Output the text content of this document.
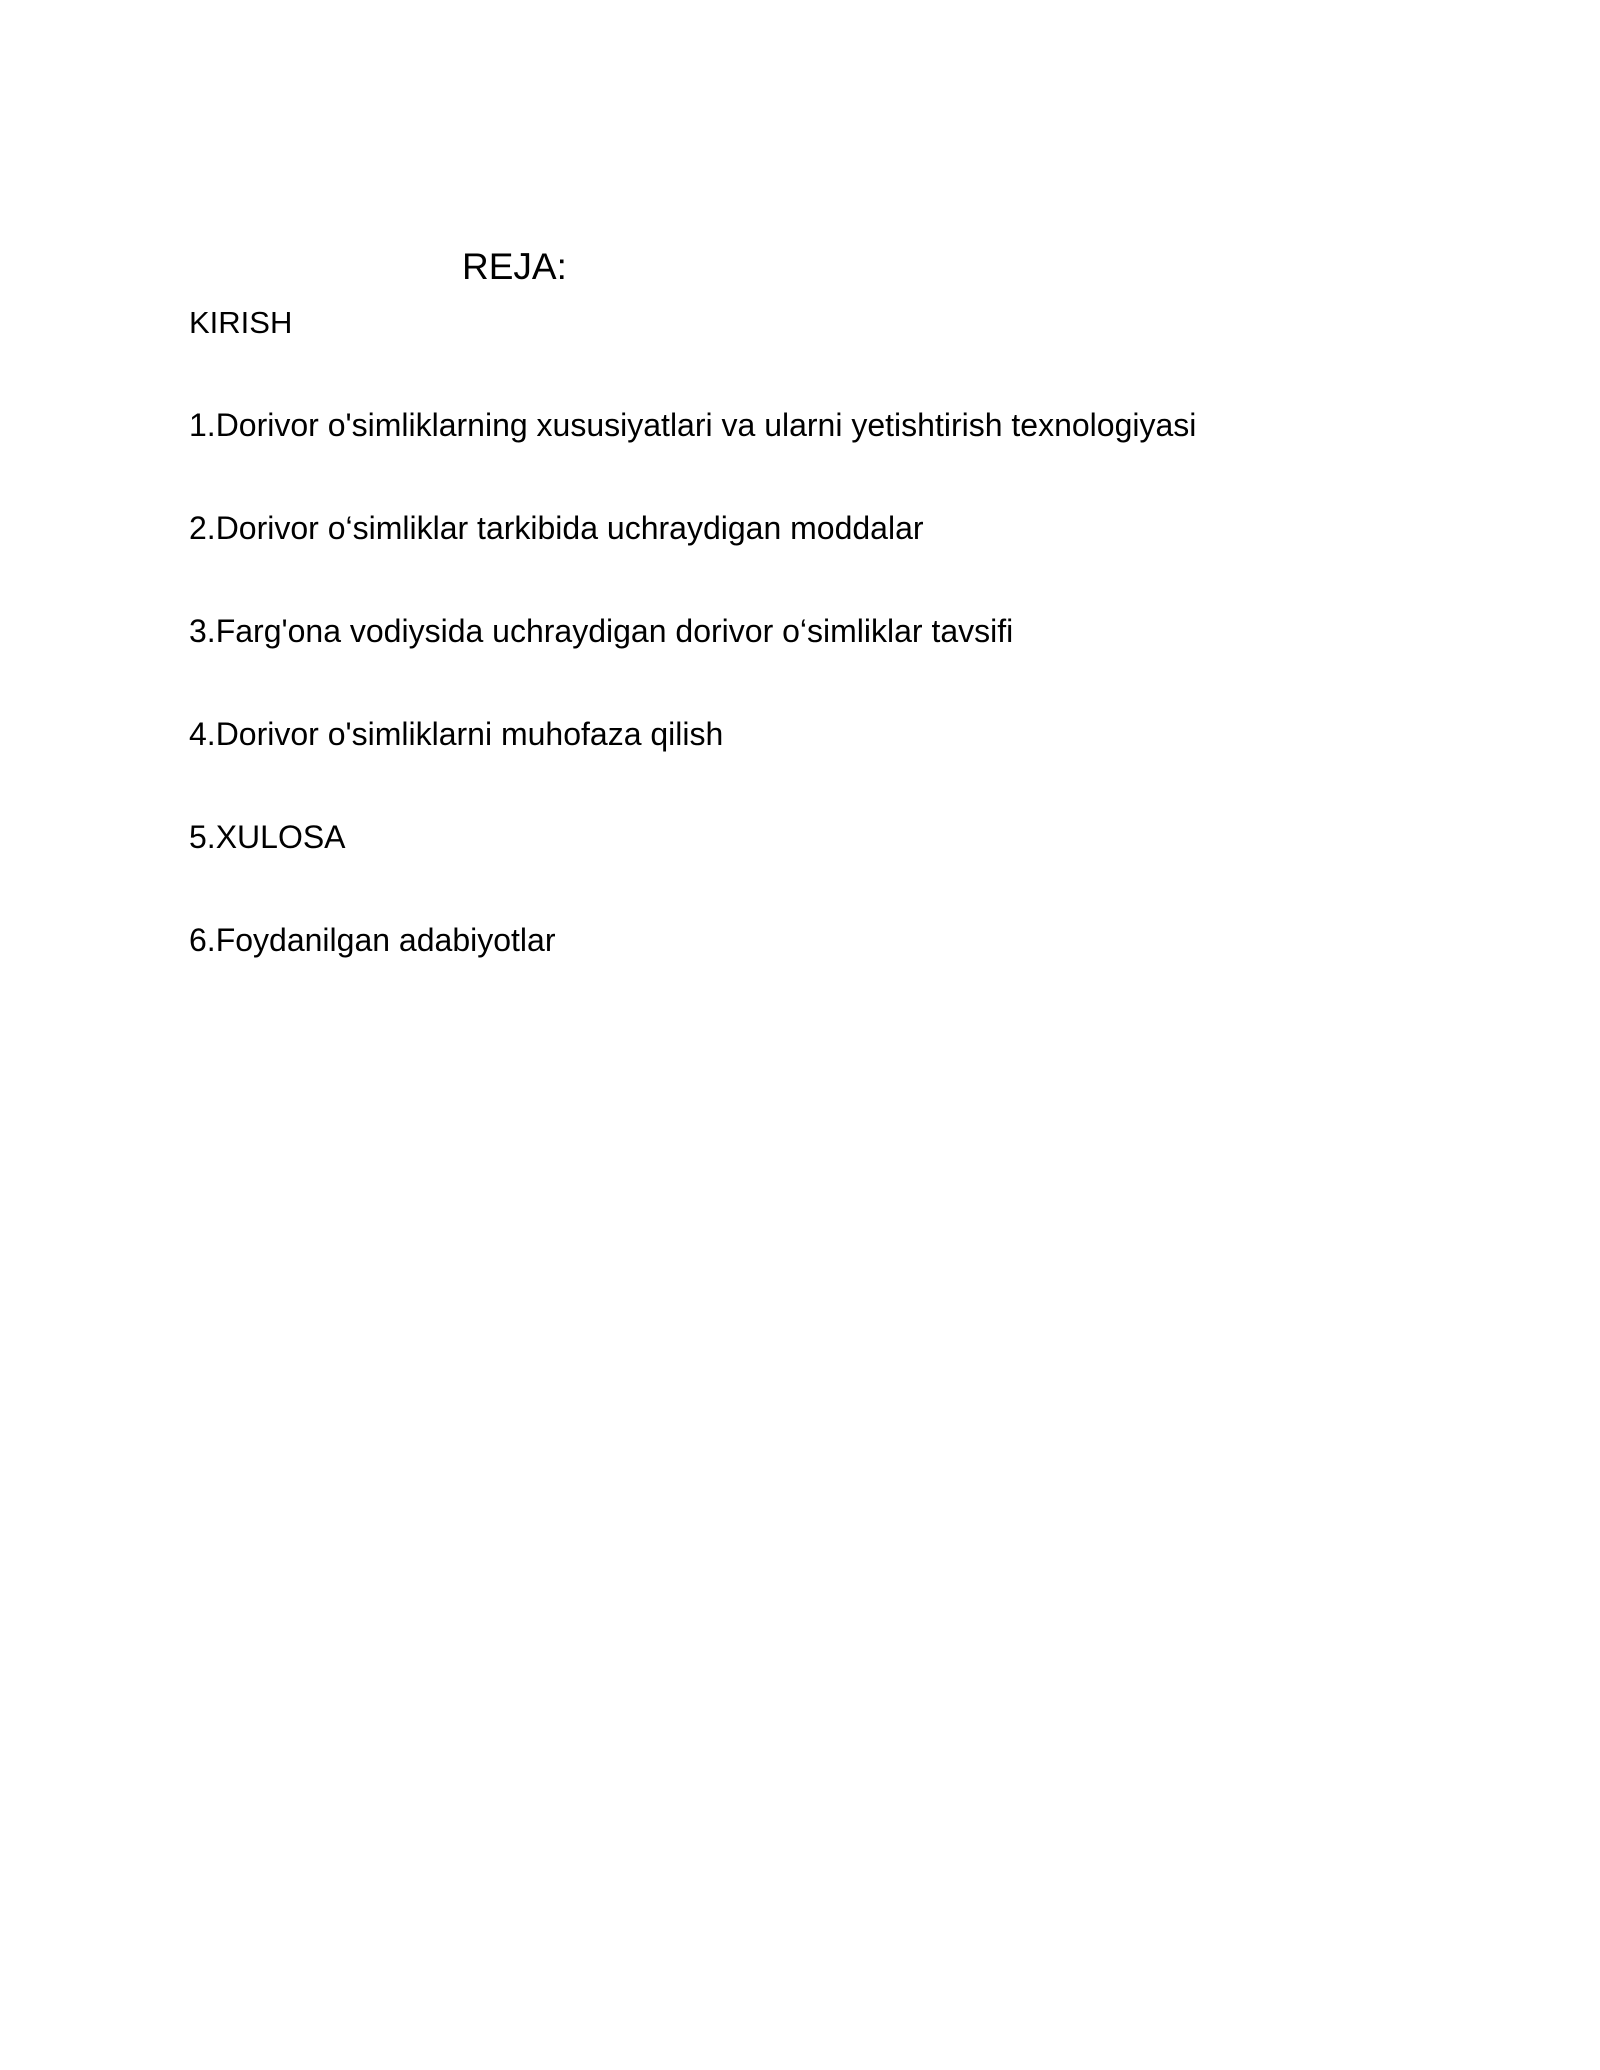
REJA:
KIRISH
1.Dorivor o'simliklarning xususiyatlari va ularni yetishtirish texnologiyasi
2.Dorivor o‘simliklar tarkibida uchraydigan moddalar
3.Farg'ona vodiysida uchraydigan dorivor o‘simliklar tavsifi
4.Dorivor o'simliklarni muhofaza qilish
5.XULOSA
6.Foydanilgan adabiyotlar
